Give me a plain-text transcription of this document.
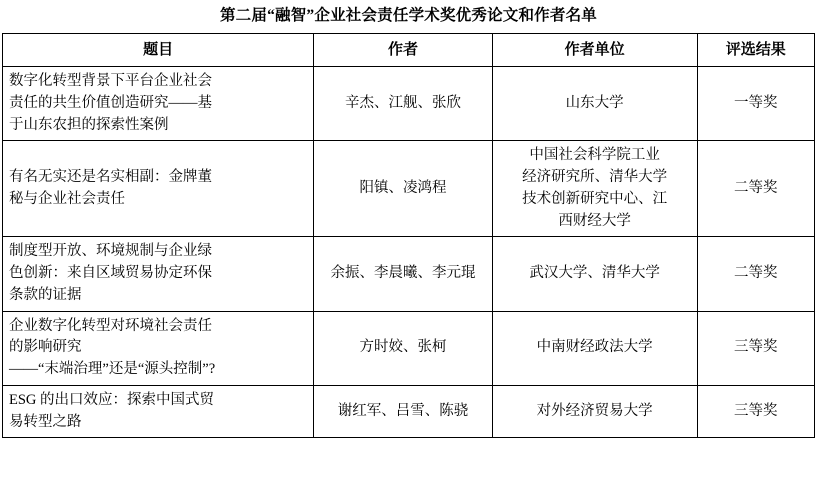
第二届“融智”企业社会责任学术奖优秀论文和作者名单
题目	作者	作者单位	评选结果

数字化转型背景下平台企业社会
责任的共生价值创造研究——基
于山东农担的探索性案例	辛杰、江舰、张欣	山东大学	一等奖

有名无实还是名实相副：金牌董
秘与企业社会责任	阳镇、凌鸿程	中国社会科学院工业
经济研究所、清华大学
技术创新研究中心、江
西财经大学	二等奖

制度型开放、环境规制与企业绿
色创新：来自区域贸易协定环保
条款的证据	余振、李晨曦、李元琨	武汉大学、清华大学	二等奖

企业数字化转型对环境社会责任
的影响研究
——“末端治理”还是“源头控制”?	方时姣、张柯	中南财经政法大学	三等奖

ESG 的出口效应：探索中国式贸
易转型之路	谢红军、吕雪、陈骁	对外经济贸易大学	三等奖
